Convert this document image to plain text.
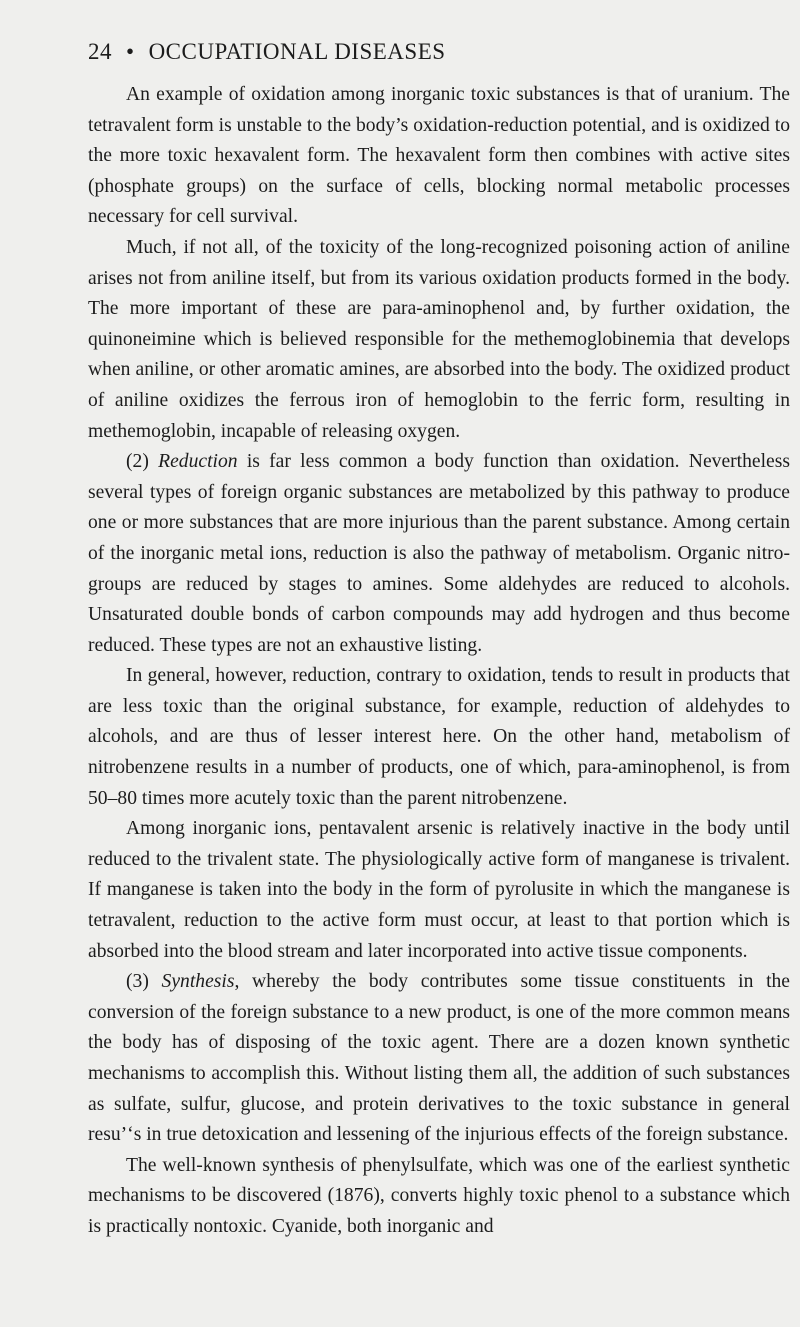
24 • OCCUPATIONAL DISEASES

An example of oxidation among inorganic toxic substances is that of uranium. The tetravalent form is unstable to the body’s oxidation-reduction potential, and is oxidized to the more toxic hexavalent form. The hexavalent form then combines with active sites (phosphate groups) on the surface of cells, blocking normal metabolic processes necessary for cell survival.

Much, if not all, of the toxicity of the long-recognized poisoning action of aniline arises not from aniline itself, but from its various oxidation products formed in the body. The more important of these are para-aminophenol and, by further oxidation, the quinoneimine which is believed responsible for the methemoglobinemia that develops when aniline, or other aromatic amines, are absorbed into the body. The oxidized product of aniline oxidizes the ferrous iron of hemoglobin to the ferric form, resulting in methemoglobin, incapable of releasing oxygen.

(2) Reduction is far less common a body function than oxidation. Nevertheless several types of foreign organic substances are metabolized by this pathway to produce one or more substances that are more injurious than the parent substance. Among certain of the inorganic metal ions, reduction is also the pathway of metabolism. Organic nitro-groups are reduced by stages to amines. Some aldehydes are reduced to alcohols. Unsaturated double bonds of carbon compounds may add hydrogen and thus become reduced. These types are not an exhaustive listing.

In general, however, reduction, contrary to oxidation, tends to result in products that are less toxic than the original substance, for example, reduction of aldehydes to alcohols, and are thus of lesser interest here. On the other hand, metabolism of nitrobenzene results in a number of products, one of which, para-aminophenol, is from 50–80 times more acutely toxic than the parent nitrobenzene.

Among inorganic ions, pentavalent arsenic is relatively inactive in the body until reduced to the trivalent state. The physiologically active form of manganese is trivalent. If manganese is taken into the body in the form of pyrolusite in which the manganese is tetravalent, reduction to the active form must occur, at least to that portion which is absorbed into the blood stream and later incorporated into active tissue components.

(3) Synthesis, whereby the body contributes some tissue constituents in the conversion of the foreign substance to a new product, is one of the more common means the body has of disposing of the toxic agent. There are a dozen known synthetic mechanisms to accomplish this. Without listing them all, the addition of such substances as sulfate, sulfur, glucose, and protein derivatives to the toxic substance in general resu’‘s in true detoxication and lessening of the injurious effects of the foreign substance.

The well-known synthesis of phenylsulfate, which was one of the earliest synthetic mechanisms to be discovered (1876), converts highly toxic phenol to a substance which is practically nontoxic. Cyanide, both inorganic and
